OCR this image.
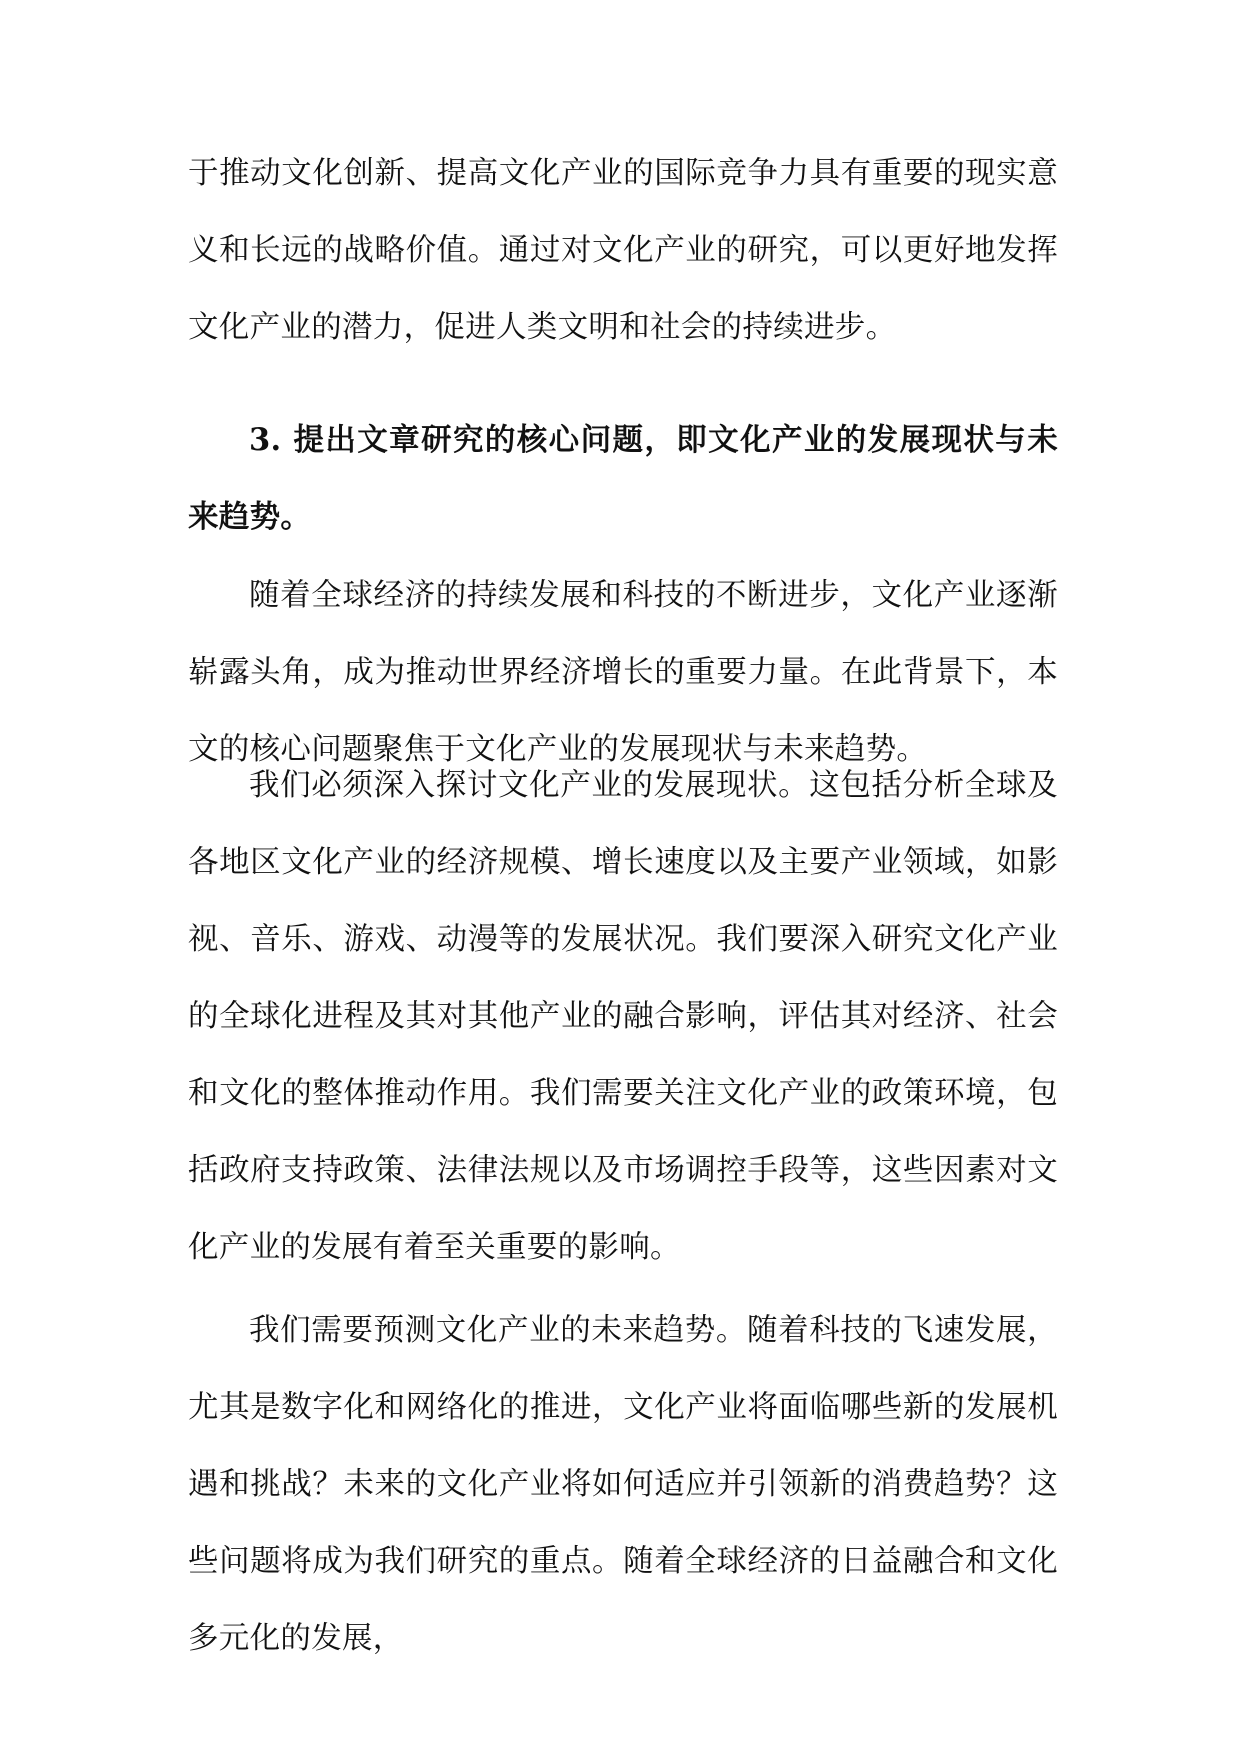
于推动文化创新、提高文化产业的国际竞争力具有重要的现实意义和长远的战略价值。通过对文化产业的研究，可以更好地发挥文化产业的潜力，促进人类文明和社会的持续进步。

3. 提出文章研究的核心问题，即文化产业的发展现状与未来趋势。

随着全球经济的持续发展和科技的不断进步，文化产业逐渐崭露头角，成为推动世界经济增长的重要力量。在此背景下，本文的核心问题聚焦于文化产业的发展现状与未来趋势。

我们必须深入探讨文化产业的发展现状。这包括分析全球及各地区文化产业的经济规模、增长速度以及主要产业领域，如影视、音乐、游戏、动漫等的发展状况。我们要深入研究文化产业的全球化进程及其对其他产业的融合影响，评估其对经济、社会和文化的整体推动作用。我们需要关注文化产业的政策环境，包括政府支持政策、法律法规以及市场调控手段等，这些因素对文化产业的发展有着至关重要的影响。

我们需要预测文化产业的未来趋势。随着科技的飞速发展，尤其是数字化和网络化的推进，文化产业将面临哪些新的发展机遇和挑战？未来的文化产业将如何适应并引领新的消费趋势？这些问题将成为我们研究的重点。随着全球经济的日益融合和文化多元化的发展，
